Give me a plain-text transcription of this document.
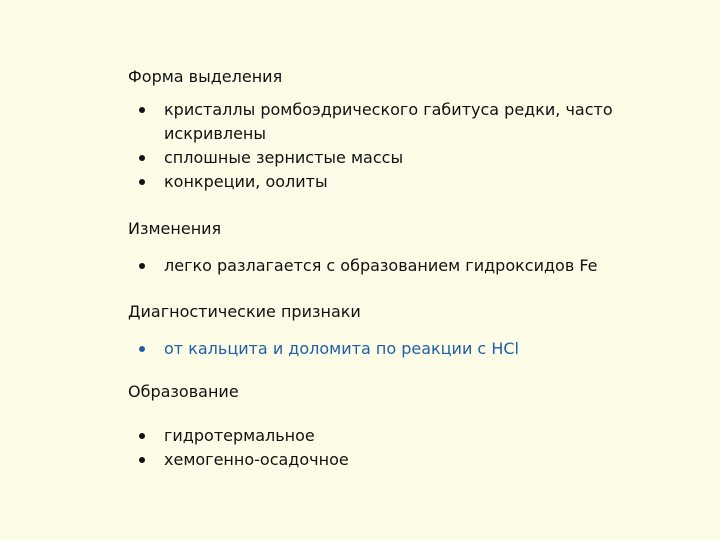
Форма выделения
кристаллы ромбоэдрического габитуса редки, часто искривлены
сплошные зернистые массы
конкреции, оолиты
Изменения
легко разлагается с образованием гидроксидов Fe
Диагностические признаки
от кальцита и доломита по реакции с HCl
Образование
гидротермальное
хемогенно-осадочное
